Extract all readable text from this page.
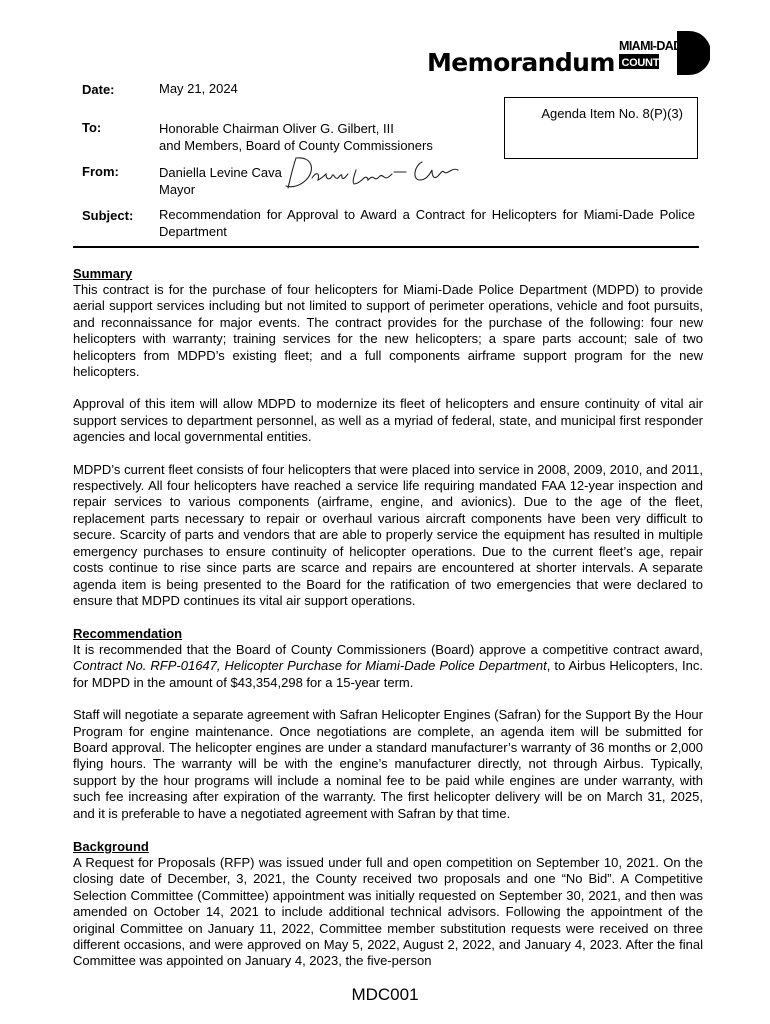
Memorandum
MIAMI-DADE
COUNTY
Agenda Item No. 8(P)(3)
Date:	May 21, 2024
To:	Honorable Chairman Oliver G. Gilbert, III
and Members, Board of County Commissioners
From:	Daniella Levine Cava
Mayor
Subject: Recommendation for Approval to Award a Contract for Helicopters for Miami-Dade Police Department
Summary

This contract is for the purchase of four helicopters for Miami-Dade Police Department (MDPD) to provide aerial support services including but not limited to support of perimeter operations, vehicle and foot pursuits, and reconnaissance for major events. The contract provides for the purchase of the following: four new helicopters with warranty; training services for the new helicopters; a spare parts account; sale of two helicopters from MDPD’s existing fleet; and a full components airframe support program for the new helicopters.

Approval of this item will allow MDPD to modernize its fleet of helicopters and ensure continuity of vital air support services to department personnel, as well as a myriad of federal, state, and municipal first responder agencies and local governmental entities.

MDPD’s current fleet consists of four helicopters that were placed into service in 2008, 2009, 2010, and 2011, respectively. All four helicopters have reached a service life requiring mandated FAA 12-year inspection and repair services to various components (airframe, engine, and avionics). Due to the age of the fleet, replacement parts necessary to repair or overhaul various aircraft components have been very difficult to secure. Scarcity of parts and vendors that are able to properly service the equipment has resulted in multiple emergency purchases to ensure continuity of helicopter operations. Due to the current fleet’s age, repair costs continue to rise since parts are scarce and repairs are encountered at shorter intervals. A separate agenda item is being presented to the Board for the ratification of two emergencies that were declared to ensure that MDPD continues its vital air support operations.

Recommendation

It is recommended that the Board of County Commissioners (Board) approve a competitive contract award, Contract No. RFP-01647, Helicopter Purchase for Miami-Dade Police Department, to Airbus Helicopters, Inc. for MDPD in the amount of $43,354,298 for a 15-year term.

Staff will negotiate a separate agreement with Safran Helicopter Engines (Safran) for the Support By the Hour Program for engine maintenance. Once negotiations are complete, an agenda item will be submitted for Board approval. The helicopter engines are under a standard manufacturer’s warranty of 36 months or 2,000 flying hours. The warranty will be with the engine’s manufacturer directly, not through Airbus. Typically, support by the hour programs will include a nominal fee to be paid while engines are under warranty, with such fee increasing after expiration of the warranty. The first helicopter delivery will be on March 31, 2025, and it is preferable to have a negotiated agreement with Safran by that time.

Background

A Request for Proposals (RFP) was issued under full and open competition on September 10, 2021. On the closing date of December, 3, 2021, the County received two proposals and one “No Bid”. A Competitive Selection Committee (Committee) appointment was initially requested on September 30, 2021, and then was amended on October 14, 2021 to include additional technical advisors. Following the appointment of the original Committee on January 11, 2022, Committee member substitution requests were received on three different occasions, and were approved on May 5, 2022, August 2, 2022, and January 4, 2023. After the final Committee was appointed on January 4, 2023, the five-person

MDC001
